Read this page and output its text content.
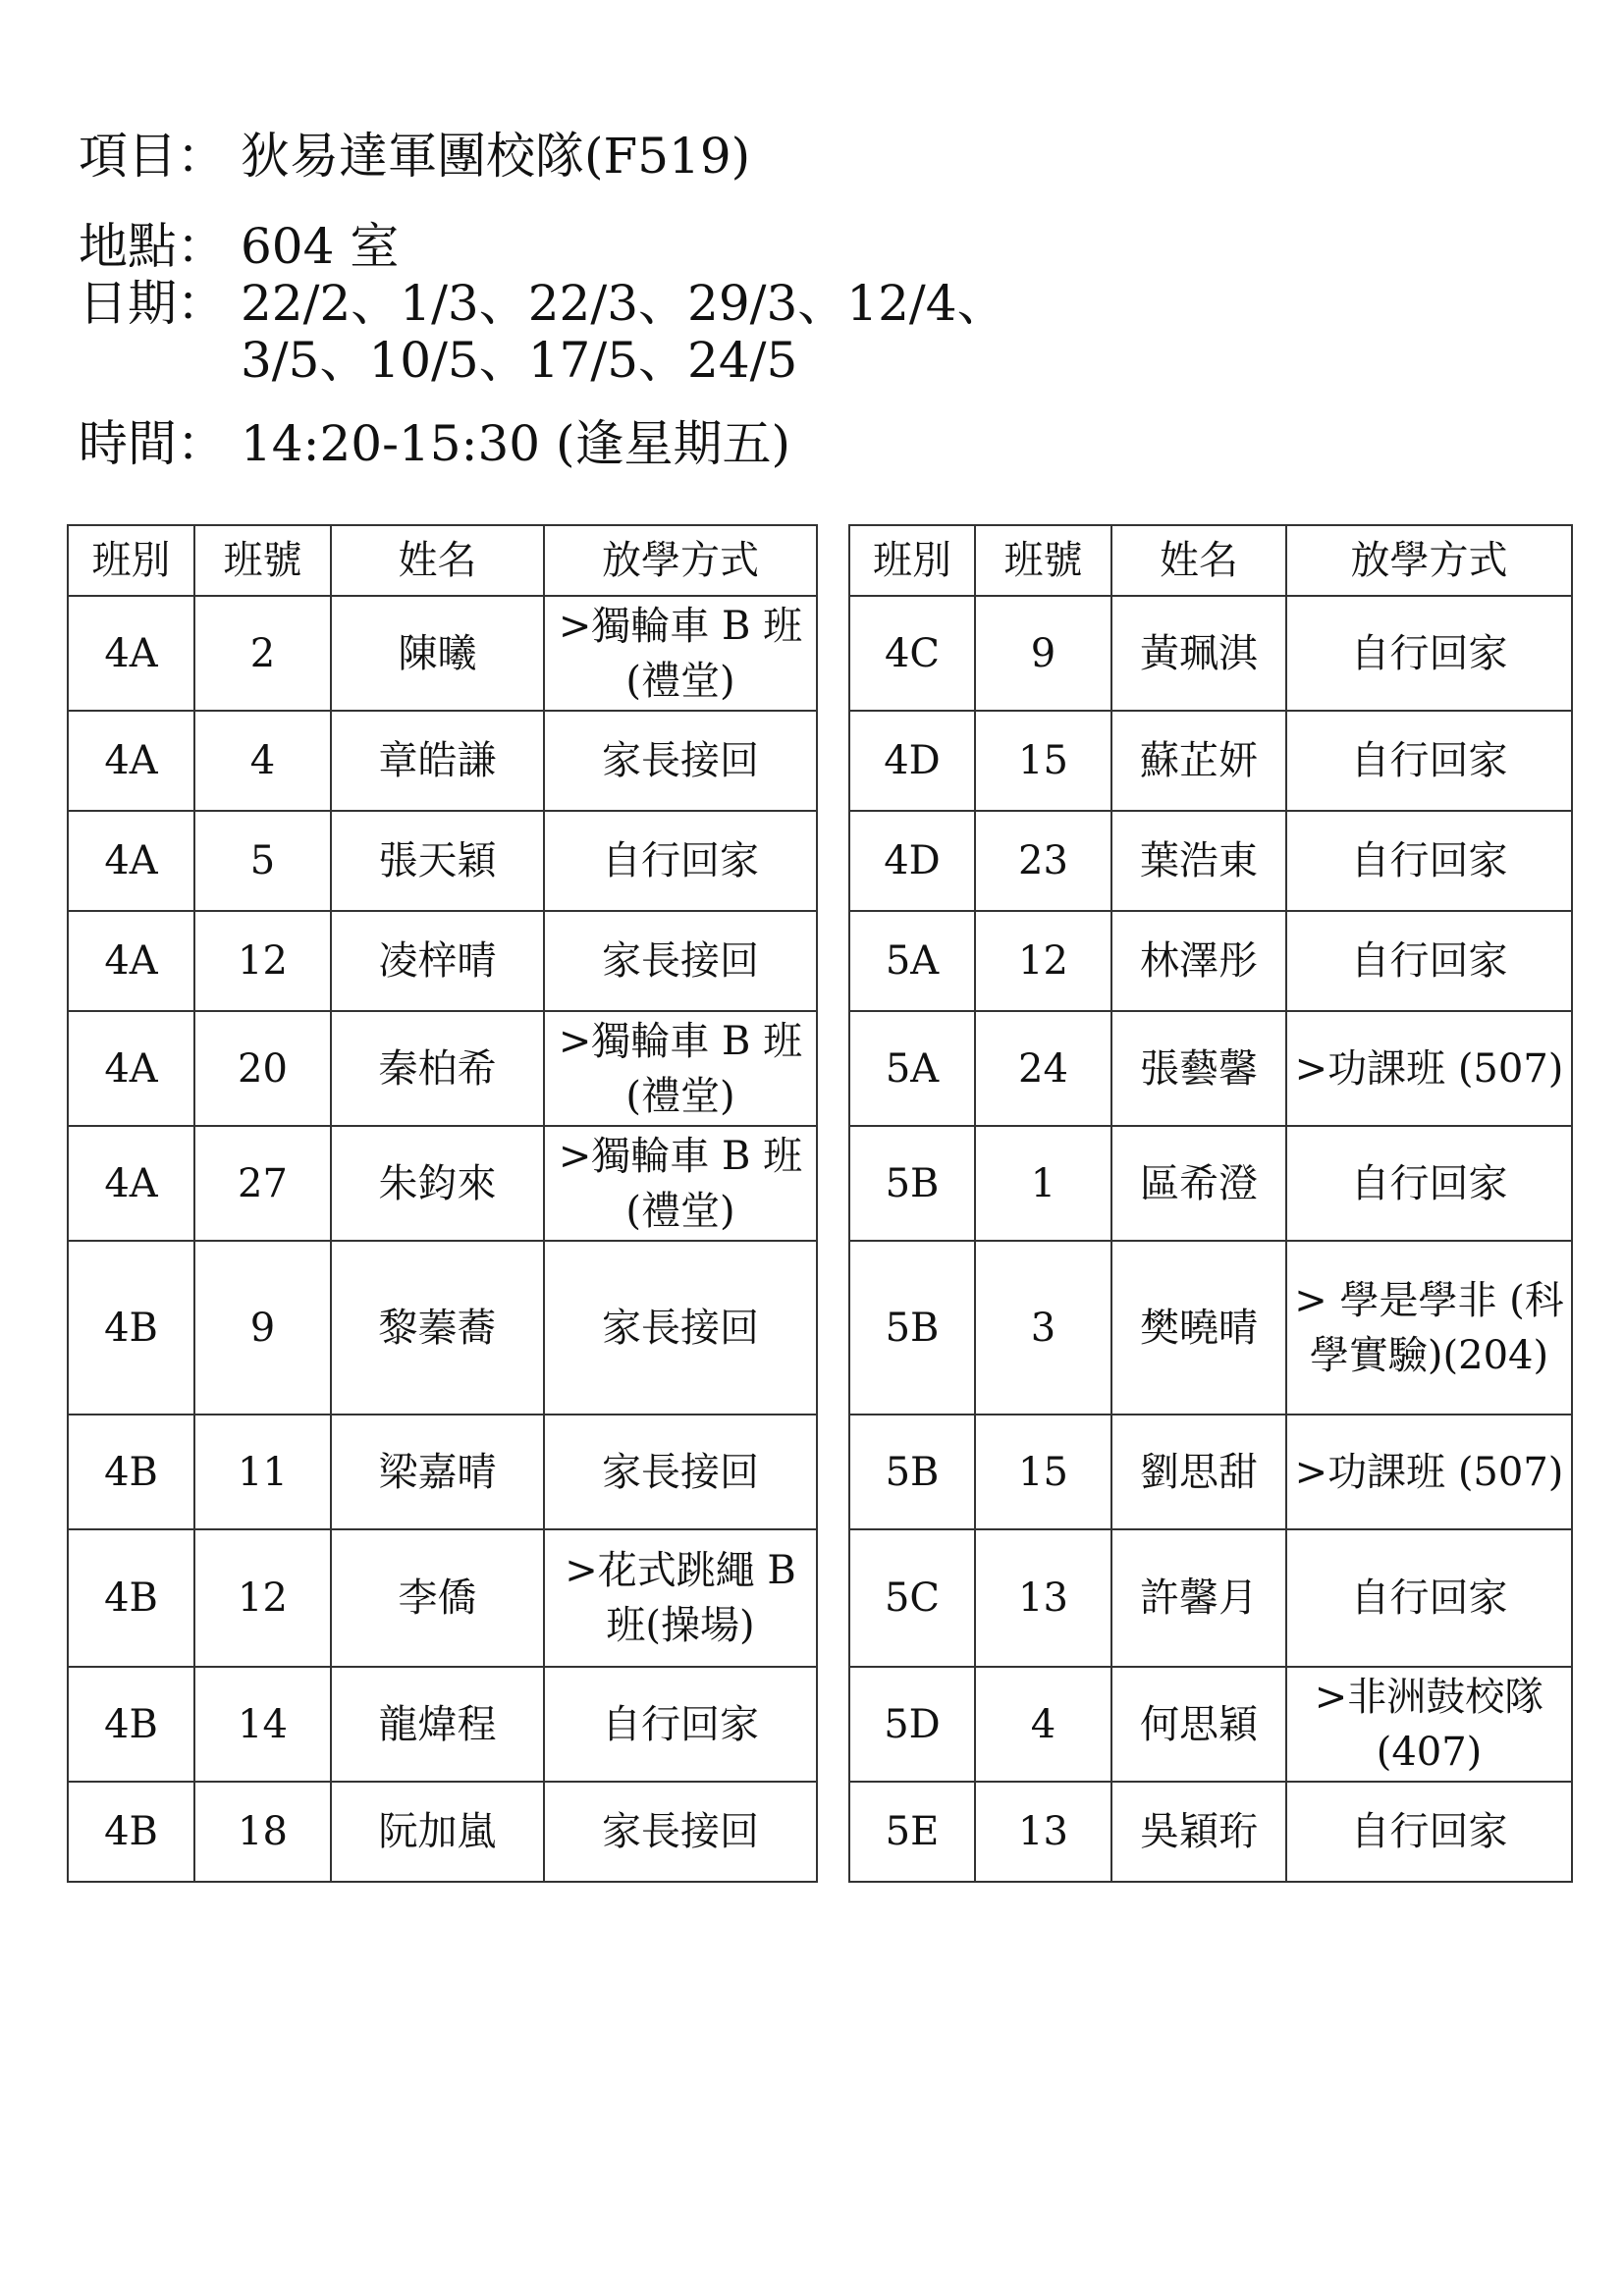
項目： 狄易達軍團校隊(F519)
地點： 604 室
日期： 22/2、1/3、22/3、29/3、12/4、
3/5、10/5、17/5、24/5
時間： 14:20-15:30 (逢星期五)
班別	班號	姓名	放學方式
4A	2	陳曦	>獨輪車 B 班 (禮堂)
4A	4	章皓謙	家長接回
4A	5	張天穎	自行回家
4A	12	凌梓晴	家長接回
4A	20	秦柏希	>獨輪車 B 班 (禮堂)
4A	27	朱鈞來	>獨輪車 B 班 (禮堂)
4B	9	黎蓁蕎	家長接回
4B	11	梁嘉晴	家長接回
4B	12	李僑	>花式跳繩 B 班(操場)
4B	14	龍煒程	自行回家
4B	18	阮加嵐	家長接回
班別	班號	姓名	放學方式
4C	9	黃珮淇	自行回家
4D	15	蘇芷妍	自行回家
4D	23	葉浩東	自行回家
5A	12	林澤彤	自行回家
5A	24	張藝馨	>功課班 (507)
5B	1	區希澄	自行回家
5B	3	樊曉晴	> 學是學非 (科學實驗)(204)
5B	15	劉思甜	>功課班 (507)
5C	13	許馨月	自行回家
5D	4	何思穎	>非洲鼓校隊 (407)
5E	13	吳穎珩	自行回家
